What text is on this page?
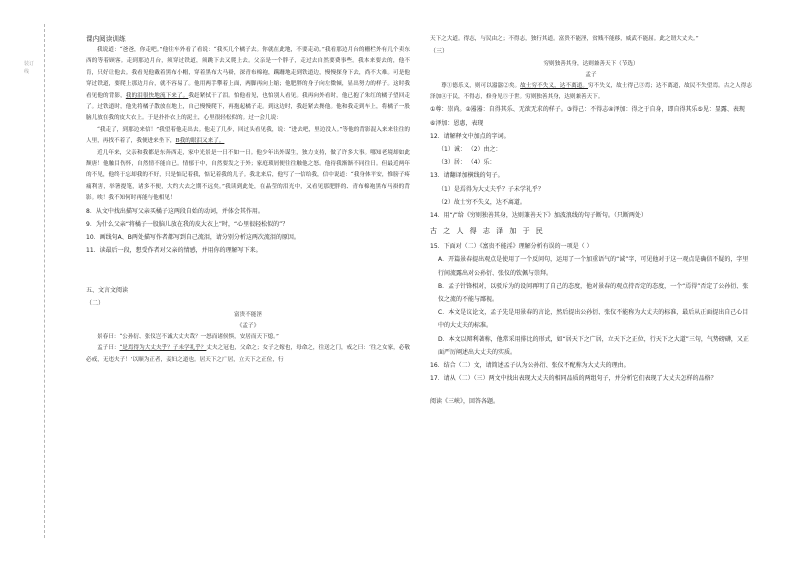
装订线
课内阅读训练

我说道：“爸爸，你走吧。”他往车外看了看说：“我买几个橘子去。你就在此地，不要走动。”我看那边月台的栅栏外有几个卖东西的等着顾客。走到那边月台，须穿过铁道，须跳下去又爬上去。父亲是一个胖子，走过去自然要费事些。我本来要去的，他不肯，只好让他去。我看见他戴着黑布小帽，穿着黑布大马褂，深青布棉袍，蹒跚地走到铁道边，慢慢探身下去，尚不大难。可是他穿过铁道，要爬上那边月台，就不容易了。他用两手攀着上面，两脚再向上缩；他肥胖的身子向左微倾，显出努力的样子。这时我看见他的背影，我的泪很快地流下来了。我赶紧拭干了泪。怕他看见，也怕别人看见。我再向外看时，他已抱了朱红的橘子望回走了。过铁道时，他先将橘子散放在地上，自己慢慢爬下，再抱起橘子走。到这边时，我赶紧去搀他。他和我走到车上，将橘子一股脑儿放在我的皮大衣上。于是扑扑衣上的泥土，心里很轻松似的。过一会儿说：

“我走了，到那边来信！”我望着他走出去。他走了几步，回过头看见我，说：“进去吧，里边没人。”等他的背影混入来来往往的人里，再找不着了，我便进来坐下，B我的眼泪又来了。

近几年来，父亲和我都是东奔西走，家中光景是一日不如一日。他少年出外谋生，独力支持，做了许多大事。哪知老境却如此颓唐！他触目伤怀，自然情不能自已。情郁于中，自然要发之于外；家庭琐屑便往往触他之怒。他待我渐渐不同往日。但最近两年的不见，他终于忘却我的不好，只是惦记着我，惦记着我的儿子。我北来后，他写了一信给我，信中说道：“我身体平安，惟膀子疼痛利害，举箸提笔，诸多不便，大约大去之期不远矣。”我读到此处，在晶莹的泪光中，又看见那肥胖的、青布棉袍黑布马褂的背影。唉！我不知何时再能与他相见！

8．从文中找出描写父亲买橘子这两段自始的动词，并体会其作用。

9．为什么父亲“将橘子一股脑儿放在我的皮大衣上”时，“心里很轻松似的”？

10．画线句A、B两处描写作者都写到自己流泪，请分别分析这两次流泪的原因。

11．读最后一段，想受作者对父亲的情感，并用你的理解写下来。

五、文言文阅读

（二）

富贵不能淫

《孟子》

景春曰：“公孙衍、张仪岂不诚大丈夫哉？一怒而诸侯惧，安居而天下熄。”

孟子曰：“是焉得为大丈夫乎？子未学礼乎？丈夫之冠也，父命之；女子之嫁也，母命之，往送之门，戒之曰：‘往之女家，必敬必戒，无违夫子！’以顺为正者，妾妇之道也。居天下之广居，立天下之正位，行

天下之大道。得志，与民由之；不得志，独行其道。富贵不能淫，贫贱不能移，威武不能屈。此之谓大丈夫。”

（三）

穷则独善其身，达则兼善天下（节选）

孟子

尊①德乐义，则可以嚣嚣②矣。故士穷不失义，达不离道。穷不失义，故士得己③焉；达不离道，故民不失望焉。古之人得志泽加④于民，不得志，修身见⑤于世。穷则独善其身，达则兼善天下。

①尊：崇尚。②嚣嚣：自得其乐、无欲无求的样子。③得己：不得志④泽加：得之于自身，即自得其乐⑤见：显露、表现 ⑥泽加：恩惠，表现

12．请解释文中加点的字词。

（1）诚： （2）由之：

（3）居： （4）乐：

13．请翻译加横线的句子。

（1）是焉得为大丈夫乎？子未学礼乎？

（2）故士穷不失义，达不离道。

14．用“/”给《穷则独善其身，达则兼善天下》加波浪线的句子断句。（只断两处）

古 之 人 得 志 泽 加 于 民

15．下面对（二）《富贵不能淫》理解分析有误的一项是（ ）

A．开篇景春提出观点是使用了一个反问句，运用了一个加重语气的“诚”字，可见他对于这一观点是确信不疑的，字里行间流露出对公孙衍、张仪的钦佩与崇拜。

B．孟子针锋相对，以驳斥为的设问再明了自己的态度，他对景春的观点持否定的态度，一个“焉得”否定了公孙衍、张仪之流的不能与鄙视。

C．本文是议论文，孟子先是用景春的言论，然后提出公孙衍、张仪不能称为大丈夫的标准，最后从正面提出自己心目中的大丈夫的标准。

D．本文以辩利著称，他常采用排比的形式，如“居天下之广居，立天下之正位，行天下之大道”三句，气势磅礴，又正面严厉阐述出大丈夫的实质。

16．结合（二）文，请简述孟子认为公孙衍、张仪不配称为大丈夫的理由。

17．请从（二）（三）两文中找出表现大丈夫的相同品质的两组句子，并分析它们表现了大丈夫怎样的品格？

阅读《三峡》，回答各题。
